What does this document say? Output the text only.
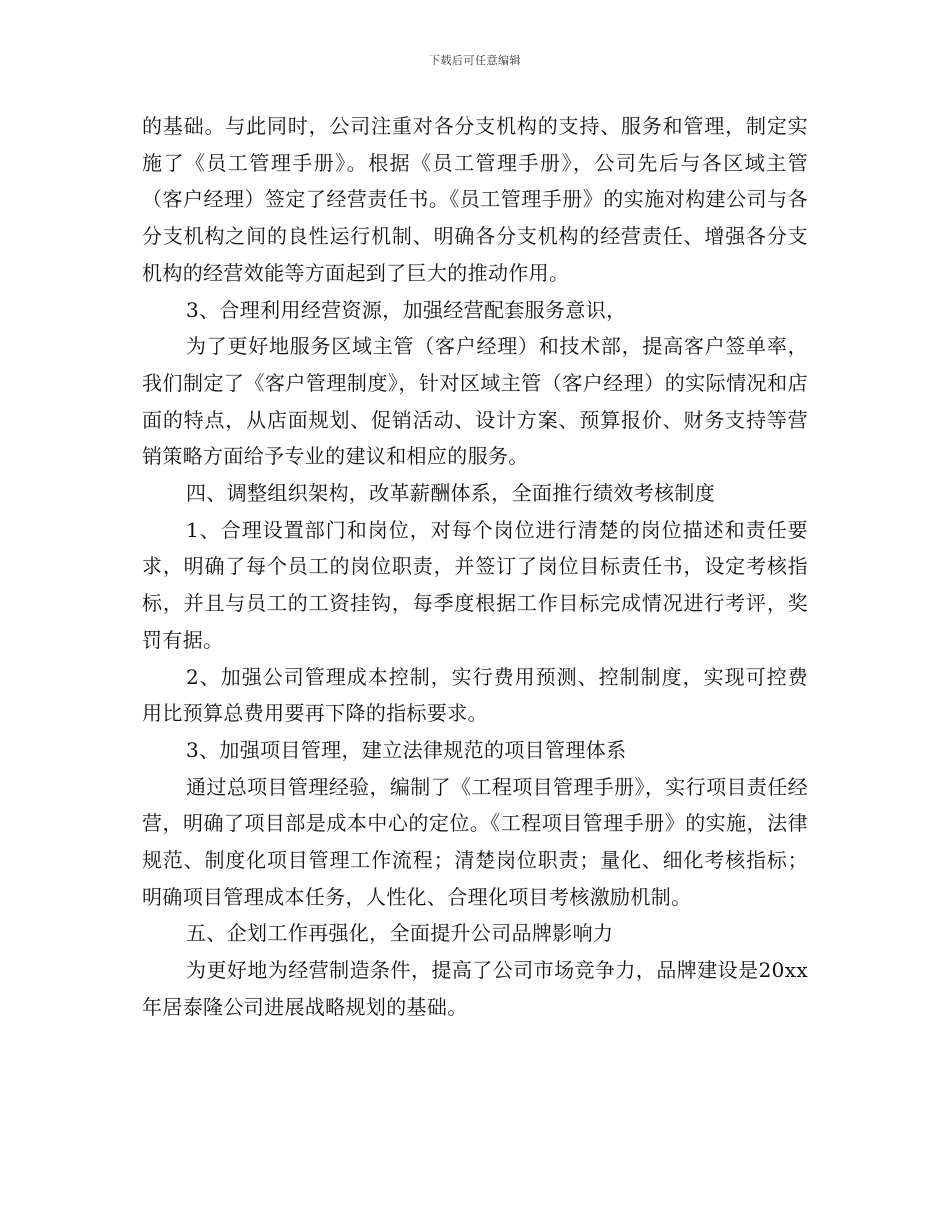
下载后可任意编辑

的基础。与此同时，公司注重对各分支机构的支持、服务和管理，制定实施了《员工管理手册》。根据《员工管理手册》，公司先后与各区域主管（客户经理）签定了经营责任书。《员工管理手册》的实施对构建公司与各分支机构之间的良性运行机制、明确各分支机构的经营责任、增强各分支机构的经营效能等方面起到了巨大的推动作用。

3、合理利用经营资源，加强经营配套服务意识，

为了更好地服务区域主管（客户经理）和技术部，提高客户签单率，我们制定了《客户管理制度》，针对区域主管（客户经理）的实际情况和店面的特点，从店面规划、促销活动、设计方案、预算报价、财务支持等营销策略方面给予专业的建议和相应的服务。

四、调整组织架构，改革薪酬体系，全面推行绩效考核制度

1、合理设置部门和岗位，对每个岗位进行清楚的岗位描述和责任要求，明确了每个员工的岗位职责，并签订了岗位目标责任书，设定考核指标，并且与员工的工资挂钩，每季度根据工作目标完成情况进行考评，奖罚有据。

2、加强公司管理成本控制，实行费用预测、控制制度，实现可控费用比预算总费用要再下降的指标要求。

3、加强项目管理，建立法律规范的项目管理体系

通过总项目管理经验，编制了《工程项目管理手册》，实行项目责任经营，明确了项目部是成本中心的定位。《工程项目管理手册》的实施，法律规范、制度化项目管理工作流程；清楚岗位职责；量化、细化考核指标；明确项目管理成本任务，人性化、合理化项目考核激励机制。

五、企划工作再强化，全面提升公司品牌影响力

为更好地为经营制造条件，提高了公司市场竞争力，品牌建设是20xx年居泰隆公司进展战略规划的基础。
